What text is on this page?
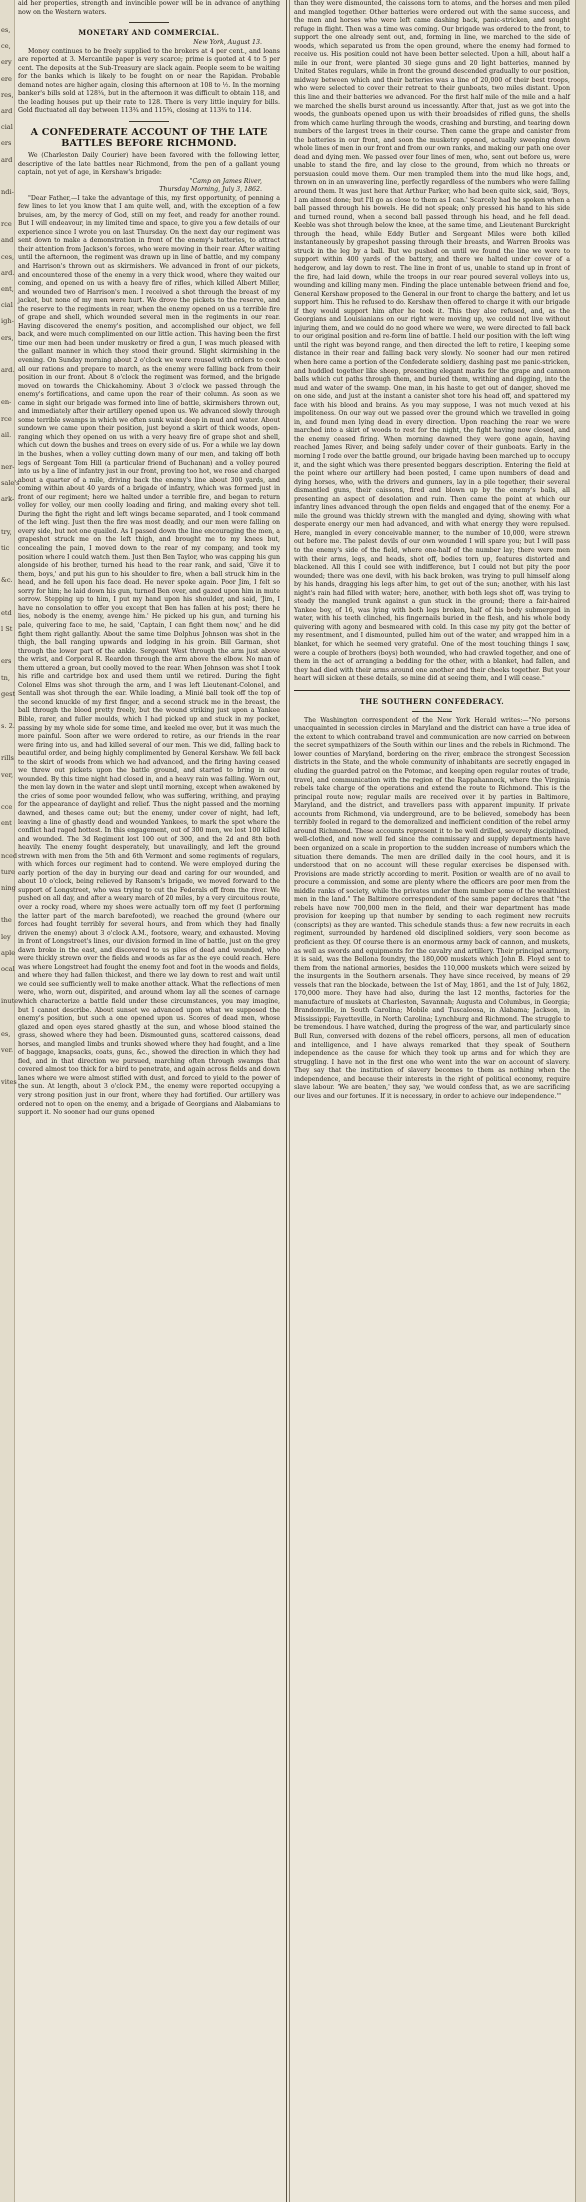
es,
ce,
ery
ere
res,
ard
cial
ers
ard
ndi-
rce
and
ces,
ard.
ent,
cial
igh-
ers,
ard.
en-
rce
ail.
ner-
sale's
ark-
try,
tic
&c.
etd
l St
ers
tn,
gest
s. 2.
rills
ver,
cce
ent
nced
ture
ning
the
ley
aple
ocal
inute
es,
ver.
vites

aid her properties, strength and invincible power will be in advance of anything now on the Western waters.

MONETARY AND COMMERCIAL.
New York, August 13.

Money continues to be freely supplied to the brokers at 4 per cent., and loans are reported at 3. Mercantile paper is very scarce; prime is quoted at 4 to 5 per cent. The deposits at the Sub-Treasury are slack again. People seem to be waiting for the banks which is likely to be fought on or near the Rapidan. Probable demand notes are higher again, closing this afternoon at 108 to ½. In the morning banker's bills sold at 128¼, but in the afternoon it was difficult to obtain 118, and the leading houses put up their rate to 128. There is very little inquiry for bills. Gold fluctuated all day between 113¾ and 115¾, closing at 113¾ to 114.

A CONFEDERATE ACCOUNT OF THE LATE BATTLES BEFORE RICHMOND.

We (Charleston Daily Courier) have been favored with the following letter, descriptive of the late battles near Richmond, from the pen of a gallant young captain, not yet of age, in Kershaw's brigade:

"Camp on James River,
Thursday Morning, July 3, 1862.

"Dear Father,—I take the advantage of this, my first opportunity, of penning a few lines to let you know that I am quite well, and, with the exception of a few bruises, am, by the mercy of God, still on my feet, and ready for another round. But I will endeavour, in my limited time and space, to give you a few details of our experience since I wrote you on last Thursday. On the next day our regiment was sent down to make a demonstration in front of the enemy's batteries, to attract their attention from Jackson's forces, who were moving in their rear. After waiting until the afternoon, the regiment was drawn up in line of battle, and my company and Harrison's thrown out as skirmishers. We advanced in front of our pickets, and encountered those of the enemy in a very thick wood, where they waited our coming, and opened on us with a heavy fire of rifles, which killed Albert Miller, and wounded two of Harrison's men. I received a shot through the breast of my jacket, but none of my men were hurt. We drove the pickets to the reserve, and the reserve to the regiments in rear, when the enemy opened on us a terrible fire of grape and shell, which wounded several men in the regiments in our rear. Having discovered the enemy's position, and accomplished our object, we fell back, and were much complimented on our little action. This having been the first time our men had been under musketry or fired a gun, I was much pleased with the gallant manner in which they stood their ground. Slight skirmishing in the evening. On Sunday morning about 2 o'clock we were roused with orders to cook all our rations and prepare to march, as the enemy were falling back from their position in our front. About 8 o'clock the regiment was formed, and the brigade moved on towards the Chickahominy. About 3 o'clock we passed through the enemy's fortifications, and came upon the rear of their column. As soon as we came in sight our brigade was formed into line of battle, skirmishers thrown out, and immediately after their artillery opened upon us. We advanced slowly through some terrible swamps in which we often sunk waist deep in mud and water. About sundown we came upon their position, just beyond a skirt of thick woods, open-ranging which they opened on us with a very heavy fire of grape shot and shell, which cut down the bushes and trees on every side of us. For a while we lay down in the bushes, when a volley cutting down many of our men, and taking off both legs of Sergeant Tom Hill (a particular friend of Buchanan) and a volley poured into us by a line of infantry just in our front, proving too hot, we rose and charged about a quarter of a mile, driving back the enemy's line about 300 yards, and coming within about 40 yards of a brigade of infantry, which was formed just in front of our regiment; here we halted under a terrible fire, and began to return volley for volley, our men coolly loading and firing, and making every shot tell. During the fight the right and left wings became separated, and I took command of the left wing. Just then the fire was most deadly, and our men were falling on every side, but not one quailed. As I passed down the line encouraging the men, a grapeshot struck me on the left thigh, and brought me to my knees but, concealing the pain, I moved down to the rear of my company, and took my position where I could watch them. Just then Ben Taylor, who was capping his gun alongside of his brother, turned his head to the rear rank, and said, 'Give it to them, boys,' and put his gun to his shoulder to fire, when a ball struck him in the head, and he fell upon his face dead. He never spoke again. Poor Jim, I felt so sorry for him; he laid down his gun, turned Ben over, and gazed upon him in mute sorrow. Stepping up to him, I put my hand upon his shoulder, and said, 'Jim, I have no consolation to offer you except that Ben has fallen at his post; there he lies, nobody is the enemy, avenge him.' He picked up his gun, and turning his pale, quivering face to me, he said, 'Captain, I can fight them now,' and he did fight them right gallantly. About the same time Dolphus Johnson was shot in the thigh, the ball ranging upwards and lodging in his groin. Bill Garman, shot through the lower part of the ankle. Sergeant West through the arm just above the wrist, and Corporal R. Reardon through the arm above the elbow. No man of them uttered a groan, but coolly moved to the rear. When Johnson was shot I took his rifle and cartridge box and used them until we retired. During the fight Colonel Elms was shot through the arm, and I was left Lieutenant-Colonel, and Sentall was shot through the ear. While loading, a Minié ball took off the top of the second knuckle of my first finger, and a second struck me in the breast, the ball through the blood pretty freely, but the wound striking just upon a Yankee Bible, rarer, and fuller moulds, which I had picked up and stuck in my pocket, passing by my whole side for some time, and keeled me over, but it was much the more painful. Soon after we were ordered to retire, as our friends in the rear were firing into us, and had killed several of our men. This we did, falling back to beautiful order, and being highly complimented by General Kershaw. We fell back to the skirt of woods from which we had advanced, and the firing having ceased we threw out pickets upon the battle ground, and started to bring in our wounded. By this time night had closed in, and a heavy rain was falling. Worn out, the men lay down in the water and slept until morning, except when awakened by the cries of some poor wounded fellow, who was suffering, writhing, and praying for the appearance of daylight and relief. Thus the night passed and the morning dawned, and theses came out; but the enemy, under cover of night, had left, leaving a line of ghastly dead and wounded Yankees, to mark the spot where the conflict had raged hottest. In this engagement, out of 300 men, we lost 100 killed and wounded. The 3d Regiment lost 100 out of 300, and the 2d and 8th both heavily. The enemy fought desperately, but unavailingly, and left the ground strewn with men from the 5th and 6th Vermont and some regiments of regulars, with which forces our regiment had to contend. We were employed during the early portion of the day in burying our dead and caring for our wounded, and about 10 o'clock, being relieved by Ransom's brigade, we moved forward to the support of Longstreet, who was trying to cut the Federals off from the river. We pushed on all day, and after a weary march of 20 miles, by a very circuitous route, over a rocky road, where my shoes were actually torn off my feet (I performing the latter part of the march barefooted), we reached the ground (where our forces had fought terribly for several hours, and from which they had finally driven the enemy) about 3 o'clock A.M., footsore, weary, and exhausted. Moving in front of Longstreet's lines, our division formed in line of battle, just on the grey dawn broke in the east, and discovered to us piles of dead and wounded, who were thickly strewn over the fields and woods as far as the eye could reach. Here was where Longstreet had fought the enemy foot and foot in the woods and fields, and where they had fallen thickest, and there we lay down to rest and wait until we could see sufficiently well to make another attack. What the reflections of men were, who, worn out, dispirited, and around whom lay all the scenes of carnage which characterize a battle field under these circumstances, you may imagine, but I cannot describe. About sunset we advanced upon what we supposed the enemy's position, but such a one opened upon us. Scores of dead men, whose glazed and open eyes stared ghastly at the sun, and whose blood stained the grass, showed where they had been. Dismounted guns, scattered caissons, dead horses, and mangled limbs and trunks showed where they had fought, and a line of baggage, knapsacks, coats, guns, &c., showed the direction in which they had fled, and in that direction we pursued, marching often through swamps that covered almost too thick for a bird to penetrate, and again across fields and down lanes where we were almost stifled with dust, and forced to yield to the power of the sun. At length, about 3 o'clock P.M., the enemy were reported occupying a very strong position just in our front, where they had fortified. Our artillery was ordered not to open on the enemy, and a brigade of Georgians and Alabamians to support it. No sooner had our guns opened

than they were dismounted, the caissons torn to atoms, and the horses and men piled and mangled together. Other batteries were ordered out with the same success, and the men and horses who were left came dashing back, panic-stricken, and sought refuge in flight. Then was a time was coming. Our brigade was ordered to the front, to support the one already sent out, and, forming in line, we marched to the side of woods, which separated us from the open ground, where the enemy had formed to receive us. His position could not have been better selected. Upon a hill, about half a mile in our front, were planted 30 siege guns and 20 light batteries, manned by United States regulars, while in front the ground descended gradually to our position, midway between which and their batteries was a line of 20,000 of their best troops, who were selected to cover their retreat to their gunboats, two miles distant. Upon this line and their batteries we advanced. For the first half mile of the mile and a half we marched the shells burst around us incessantly. After that, just as we got into the woods, the gunboats opened upon us with their broadsides of rifled guns, the shells from which came hurling through the woods, crashing and bursting, and tearing down numbers of the largest trees in their course. Then came the grape and canister from the batteries in our front, and soon the musketry opened, actually sweeping down whole lines of men in our front and from our own ranks, and making our path one over dead and dying men. We passed over four lines of men, who, sent out before us, were unable to stand the fire, and lay close to the ground, from which no threats or persuasion could move them. Our men trampled them into the mud like hogs, and, thrown on in an unwavering line, perfectly regardless of the numbers who were falling around them. It was just here that Arthur Parker, who had been quite sick, said, 'Boys, I am almost done; but I'll go as close to them as I can.' Scarcely had he spoken when a ball passed through his bowels. He did not speak; only pressed his hand to his side and turned round, when a second ball passed through his head, and he fell dead. Keeble was shot through below the knee, at the same time, and Lieutenant Burckright through the head, while Eddy Butler and Sergeant Miles were both killed instantaneously by grapeshot passing through their breasts, and Warren Brooks was struck in the leg by a ball. But we pushed on until we found the line we were to support within 400 yards of the battery, and there we halted under cover of a hedgerow, and lay down to rest. The line in front of us, unable to stand up in front of the fire, had laid down, while the troops in our rear poured several volleys into us, wounding and killing many men. Finding the place untenable between friend and foe, General Kershaw proposed to the General in our front to charge the battery, and let us support him. This he refused to do. Kershaw then offered to charge it with our brigade if they would support him after he took it. This they also refused, and, as the Georgians and Louisianians on our right were moving up, we could not live without injuring them, and we could do no good where we were, we were directed to fall back to our original position and re-form line of battle. I held our position with the left wing until the right was beyond range, and then directed the left to retire, I keeping some distance in their rear and falling back very slowly. No sooner had our men retired when here came a portion of the Confederate soldiery, dashing past me panic-stricken, and huddled together like sheep, presenting elegant marks for the grape and cannon balls which cut paths through them, and buried them, writhing and digging, into the mud and water of the swamp. One man, in his haste to get out of danger, shoved me on one side, and just at the instant a canister shot tore his head off, and spattered my face with his blood and brains. As you may suppose, I was not much vexed at his impoliteness. On our way out we passed over the ground which we travelled in going in, and found men lying dead in every direction. Upon reaching the rear we were marched into a skirt of woods to rest for the night, the fight having now closed, and the enemy ceased firing. When morning dawned they were gone again, having reached James River, and being safely under cover of their gunboats. Early in the morning I rode over the battle ground, our brigade having been marched up to occupy it, and the sight which was there presented beggars description. Entering the field at the point where our artillery had been posted, I came upon numbers of dead and dying horses, who, with the drivers and gunners, lay in a pile together, their several dismantled guns, their caissons, fired and blown up by the enemy's balls, all presenting an aspect of desolation and ruin. Then came the point at which our infantry lines advanced through the open fields and engaged that of the enemy. For a mile the ground was thickly strewn with the mangled and dying, showing with what desperate energy our men had advanced, and with what energy they were repulsed. Here, mangled in every conceivable manner, to the number of 10,000, were strewn out before me. The palest devils of our own wounded I will spare you; but I will pass to the enemy's side of the field, where one-half of the number lay; there were men with their arms, legs, and heads, shot off, bodies torn up, features distorted and blackened. All this I could see with indifference, but I could not but pity the poor wounded; there was one devil, with his back broken, was trying to pull himself along by his hands, dragging his legs after him, to get out of the sun; another, with his last night's rain had filled with water; here, another, with both legs shot off, was trying to steady the mangled trunk against a gun stuck in the ground; there a fair-haired Yankee boy, of 16, was lying with both legs broken, half of his body submerged in water, with his teeth clinched, his fingernails buried in the flesh, and his whole body quivering with agony and besmeared with cold. In this case my pity got the better of my resentment, and I dismounted, pulled him out of the water, and wrapped him in a blanket, for which he seemed very grateful. One of the most touching things I saw, were a couple of brothers (boys) both wounded, who had crawled together, and one of them in the act of arranging a bedding for the other, with a blanket, had fallen, and they had died with their arms around one another and their cheeks together. But your heart will sicken at these details, so mine did at seeing them, and I will cease."

THE SOUTHERN CONFEDERACY.

The Washington correspondent of the New York Herald writes:—"No persons unacquainted in secession circles in Maryland and the district can have a true idea of the extent to which contraband travel and communication are now carried on between the secret sympathizers of the South within our lines and the rebels in Richmond. The lower counties of Maryland, bordering on the river, embrace the strongest Secession districts in the State, and the whole community of inhabitants are secretly engaged in eluding the guarded patrol on the Potomac, and keeping open regular routes of trade, travel, and communication with the region of the Rappahannock, where the Virginia rebels take charge of the operations and extend the route to Richmond. This is the principal route now; regular mails are received over it by parties in Baltimore, Maryland, and the district, and travellers pass with apparent impunity. If private accounts from Richmond, via underground, are to be believed, somebody has been terribly fooled in regard to the demoralized and inefficient condition of the rebel army around Richmond. These accounts represent it to be well drilled, severely disciplined, well-clothed, and now well fed since the commissary and supply departments have been organized on a scale in proportion to the sudden increase of numbers which the situation there demands. The men are drilled daily in the cool hours, and it is understood that on no account will these regular exercises be dispensed with. Provisions are made strictly according to merit. Position or wealth are of no avail to procure a commission, and some are plenty where the officers are poor men from the middle ranks of society, while the privates under them number some of the wealthiest men in the land." The Baltimore correspondent of the same paper declares that "the rebels have now 700,000 men in the field, and their war department has made provision for keeping up that number by sending to each regiment new recruits (conscripts) as they are wanted. This schedule stands thus: a few new recruits in each regiment, surrounded by hardened old disciplined soldiers, very soon become as proficient as they. Of course there is an enormous army back of cannon, and muskets, as well as swords and equipments for the cavalry and artillery. Their principal armory, it is said, was the Bellona foundry, the 180,000 muskets which John B. Floyd sent to them from the national armories, besides the 110,000 muskets which were seized by the insurgents in the Southern arsenals. They have since received, by means of 29 vessels that ran the blockade, between the 1st of May, 1861, and the 1st of July, 1862, 170,000 more. They have had also, during the last 12 months, factories for the manufacture of muskets at Charleston, Savannah; Augusta and Columbus, in Georgia; Brandonville, in South Carolina; Mobile and Tuscaloosa, in Alabama; Jackson, in Mississippi; Fayetteville, in North Carolina; Lynchburg and Richmond. The struggle to be tremendous. I have watched, during the progress of the war, and particularly since Bull Run, conversed with dozens of the rebel officers, persons, all men of education and intelligence, and I have always remarked that they speak of Southern independence as the cause for which they took up arms and for which they are struggling. I have not in the first one who went into the war on account of slavery. They say that the institution of slavery becomes to them as nothing when the independence, and because their interests in the right of political economy, require slave labour. 'We are beaten,' they say, 'we would confess that, as we are sacrificing our lives and our fortunes. If it is necessary, in order to achieve our independence.'"
